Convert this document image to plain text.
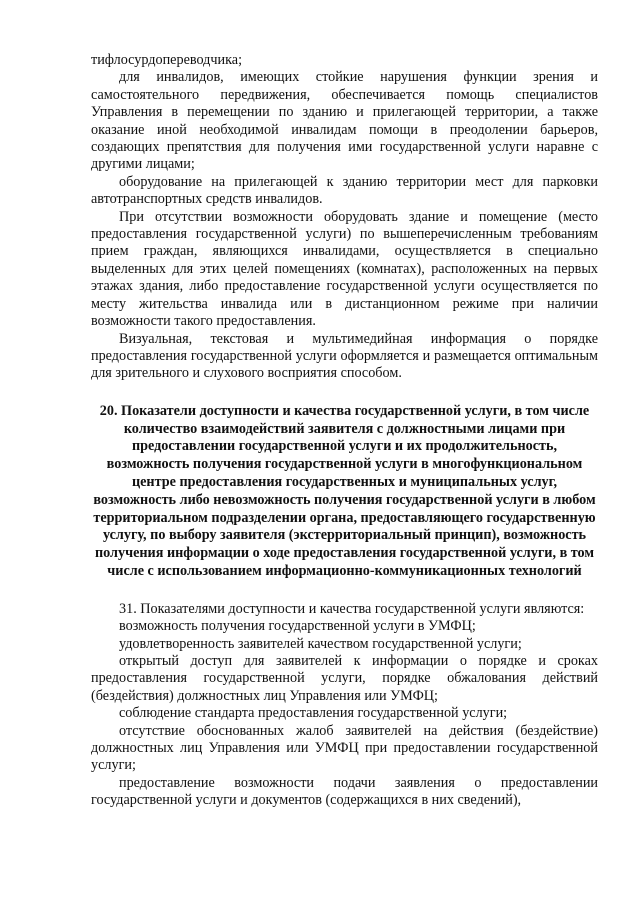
тифлосурдопереводчика;

для инвалидов, имеющих стойкие нарушения функции зрения и самостоятельного передвижения, обеспечивается помощь специалистов Управления в перемещении по зданию и прилегающей территории, а также оказание иной необходимой инвалидам помощи в преодолении барьеров, создающих препятствия для получения ими государственной услуги наравне с другими лицами;

оборудование на прилегающей к зданию территории мест для парковки автотранспортных средств инвалидов.

При отсутствии возможности оборудовать здание и помещение (место предоставления государственной услуги) по вышеперечисленным требованиям прием граждан, являющихся инвалидами, осуществляется в специально выделенных для этих целей помещениях (комнатах), расположенных на первых этажах здания, либо предоставление государственной услуги осуществляется по месту жительства инвалида или в дистанционном режиме при наличии возможности такого предоставления.

Визуальная, текстовая и мультимедийная информация о порядке предоставления государственной услуги оформляется и размещается оптимальным для зрительного и слухового восприятия способом.

20. Показатели доступности и качества государственной услуги, в том числе количество взаимодействий заявителя с должностными лицами при предоставлении государственной услуги и их продолжительность, возможность получения государственной услуги в многофункциональном центре предоставления государственных и муниципальных услуг, возможность либо невозможность получения государственной услуги в любом территориальном подразделении органа, предоставляющего государственную услугу, по выбору заявителя (экстерриториальный принцип), возможность получения информации о ходе предоставления государственной услуги, в том числе с использованием информационно-коммуникационных технологий

31. Показателями доступности и качества государственной услуги являются:

возможность получения государственной услуги в УМФЦ;

удовлетворенность заявителей качеством государственной услуги;

открытый доступ для заявителей к информации о порядке и сроках предоставления государственной услуги, порядке обжалования действий (бездействия) должностных лиц Управления или УМФЦ;

соблюдение стандарта предоставления государственной услуги;

отсутствие обоснованных жалоб заявителей на действия (бездействие) должностных лиц Управления или УМФЦ при предоставлении государственной услуги;

предоставление возможности подачи заявления о предоставлении государственной услуги и документов (содержащихся в них сведений),
